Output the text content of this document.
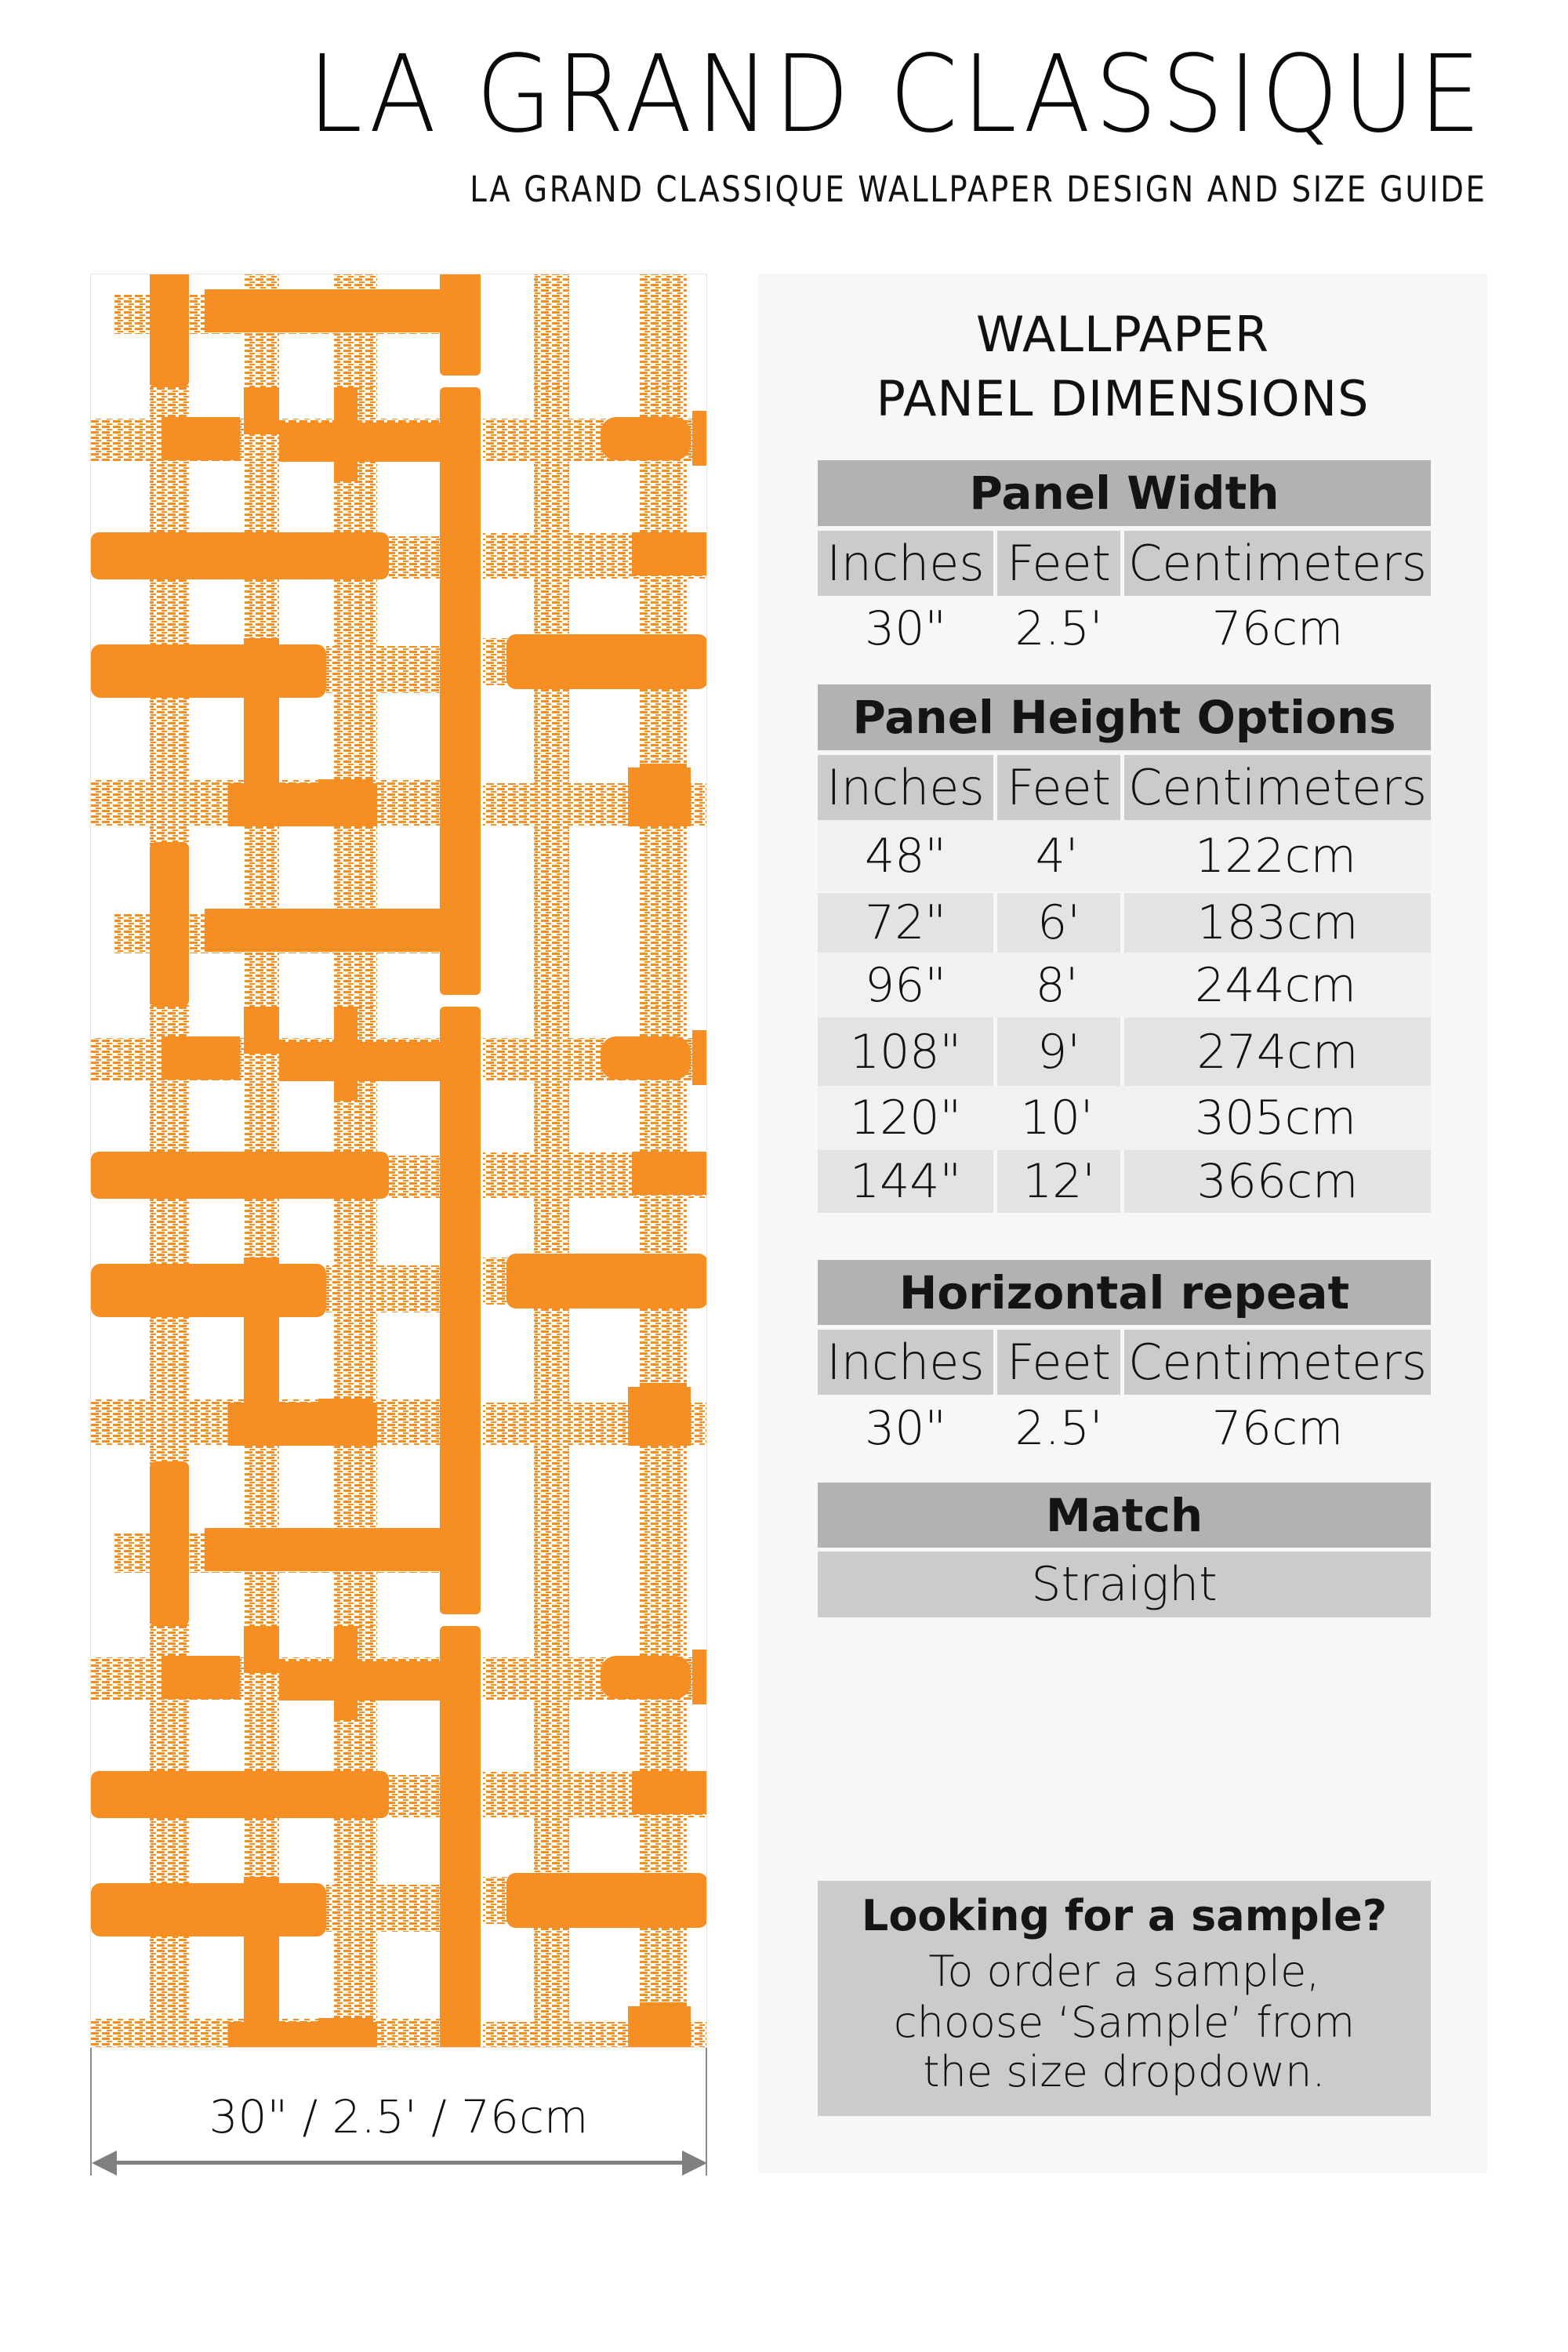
LA GRAND CLASSIQUE
LA GRAND CLASSIQUE WALLPAPER DESIGN AND SIZE GUIDE
30" / 2.5' / 76cm
WALLPAPER
PANEL DIMENSIONS
Panel Width
Inches Feet Centimeters
30"	2.5'	76cm
Panel Height Options
Inches Feet Centimeters
48"	4'	122cm
72"	6'	183cm
96"	8'	244cm
108"	9'	274cm
120"	10'	305cm
144"	12'	366cm
Horizontal repeat
Inches Feet Centimeters
30"	2.5'	76cm
Match
Straight
Looking for a sample?
To order a sample,
choose ‘Sample’ from
the size dropdown.
